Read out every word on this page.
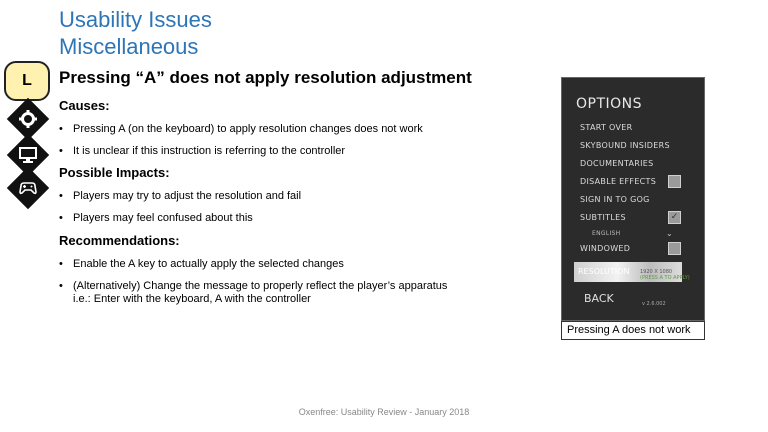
Usability Issues
Miscellaneous
L	Pressing “A” does not apply resolution adjustment
Causes:
• Pressing A (on the keyboard) to apply resolution changes does not work
• It is unclear if this instruction is referring to the controller
Possible Impacts:
• Players may try to adjust the resolution and fail
• Players may feel confused about this
Recommendations:
• Enable the A key to actually apply the selected changes
• (Alternatively) Change the message to properly reflect the player’s apparatus
i.e.: Enter with the keyboard, A with the controller
OPTIONS
START OVER
SKYBOUND INSIDERS
DOCUMENTARIES
DISABLE EFFECTS
SIGN IN TO GOG
SUBTITLES	✓
ENGLISH	⌄
WINDOWED
RESOLUTION 1920 X 1080
(PRESS A TO APPLY)
BACK	v 2.6.002
Pressing A does not work
Oxenfree: Usability Review - January 2018
